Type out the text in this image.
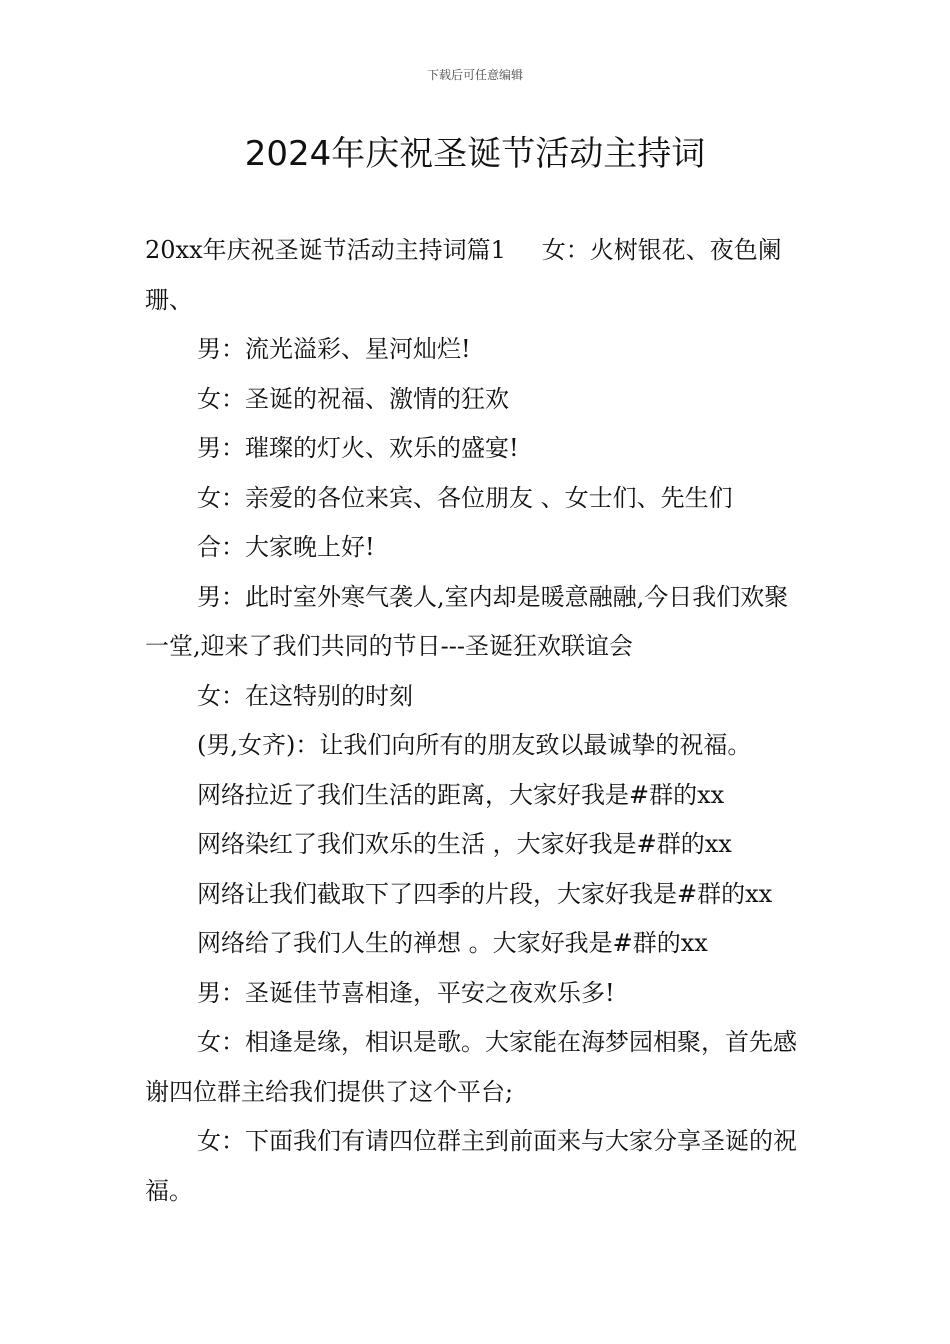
下载后可任意编辑
2024年庆祝圣诞节活动主持词

20xx年庆祝圣诞节活动主持词篇1	女：火树银花、夜色阑珊、

男：流光溢彩、星河灿烂!

女：圣诞的祝福、激情的狂欢

男：璀璨的灯火、欢乐的盛宴!

女：亲爱的各位来宾、各位朋友 、女士们、先生们

合：大家晚上好!

男：此时室外寒气袭人,室内却是暖意融融,今日我们欢聚一堂,迎来了我们共同的节日---圣诞狂欢联谊会

女：在这特别的时刻

(男,女齐)：让我们向所有的朋友致以最诚挚的祝福。

网络拉近了我们生活的距离，大家好我是#群的xx

网络染红了我们欢乐的生活 ，大家好我是#群的xx

网络让我们截取下了四季的片段，大家好我是#群的xx

网络给了我们人生的禅想 。大家好我是#群的xx

男：圣诞佳节喜相逢，平安之夜欢乐多!

女：相逢是缘，相识是歌。大家能在海梦园相聚，首先感谢四位群主给我们提供了这个平台;

女：下面我们有请四位群主到前面来与大家分享圣诞的祝福。
